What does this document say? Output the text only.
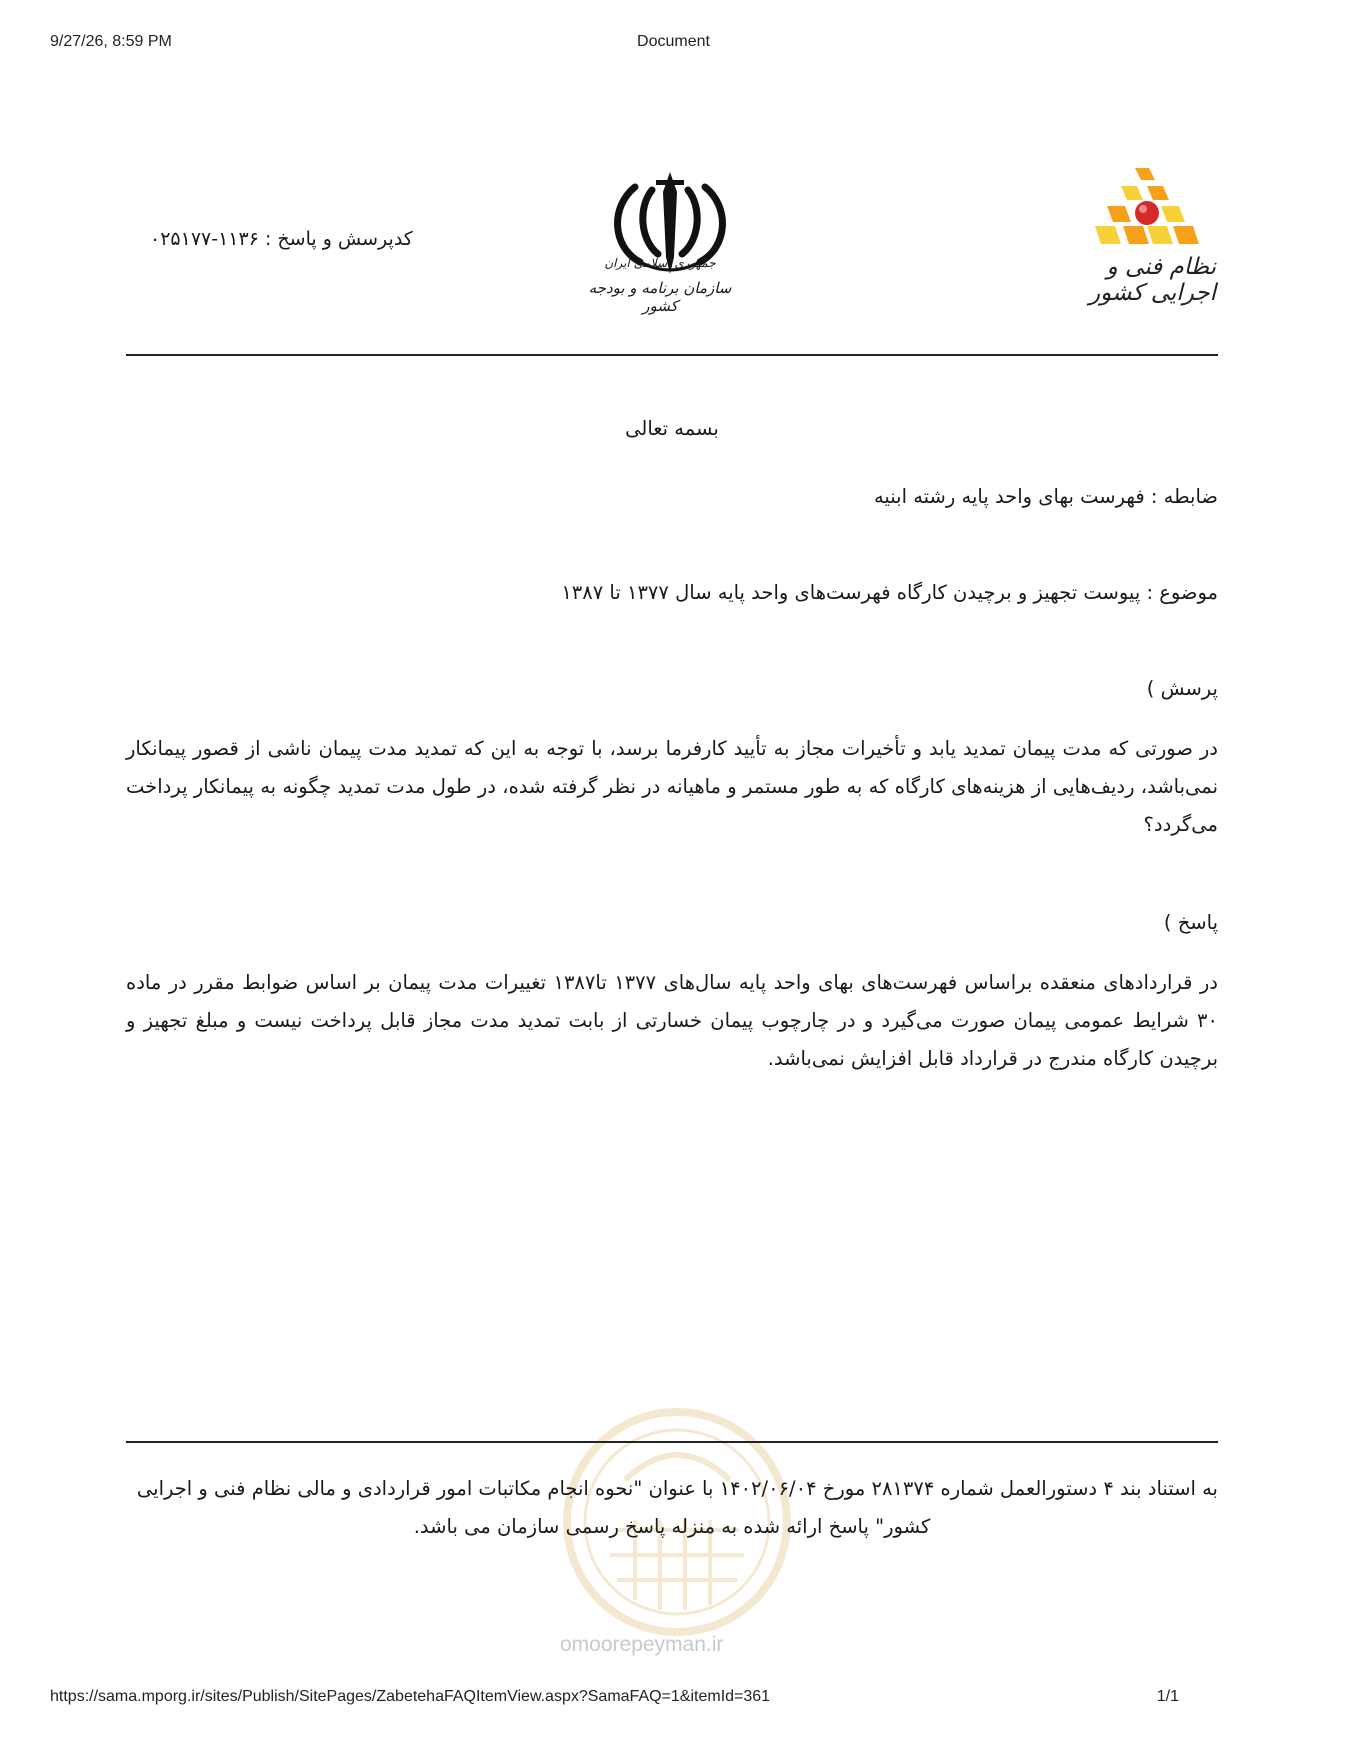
9/27/26, 8:59 PM	Document
کدپرسش و پاسخ : ۱۱۳۶-۰۲۵۱۷۷
جمهوری اسلامی ایران
سازمان برنامه و بودجه کشور
نظام فنی و اجرایی کشور
بسمه تعالی
ضابطه : فهرست بهای واحد پایه رشته ابنیه
موضوع : پیوست تجهیز و برچیدن کارگاه فهرست‌های واحد پایه سال ۱۳۷۷ تا ۱۳۸۷
پرسش )
در صورتی که مدت پیمان تمدید یابد و تأخیرات مجاز به تأیید کارفرما برسد، با توجه به این که تمدید مدت پیمان ناشی از قصور پیمانکار نمی‌باشد، ردیف‌هایی از هزینه‌های کارگاه که به طور مستمر و ماهیانه در نظر گرفته شده، در طول مدت تمدید چگونه به پیمانکار پرداخت می‌گردد؟
پاسخ )
در قراردادهای منعقده براساس فهرست‌های بهای واحد پایه سال‌های ۱۳۷۷ تا۱۳۸۷ تغییرات مدت پیمان بر اساس ضوابط مقرر در ماده ۳۰ شرایط عمومی پیمان صورت می‌گیرد و در چارچوب پیمان خسارتی از بابت تمدید مدت مجاز قابل پرداخت نیست و مبلغ تجهیز و برچیدن کارگاه مندرج در قرارداد قابل افزایش نمی‌باشد.
omoorepeyman.ir
به استناد بند ۴ دستورالعمل شماره ۲۸۱۳۷۴ مورخ ۱۴۰۲/۰۶/۰۴ با عنوان "نحوه انجام مکاتبات امور قراردادی و مالی نظام فنی و اجرایی
کشور" پاسخ ارائه شده به منزله پاسخ رسمی سازمان می باشد.
https://sama.mporg.ir/sites/Publish/SitePages/ZabetehaFAQItemView.aspx?SamaFAQ=1&itemId=361	1/1
